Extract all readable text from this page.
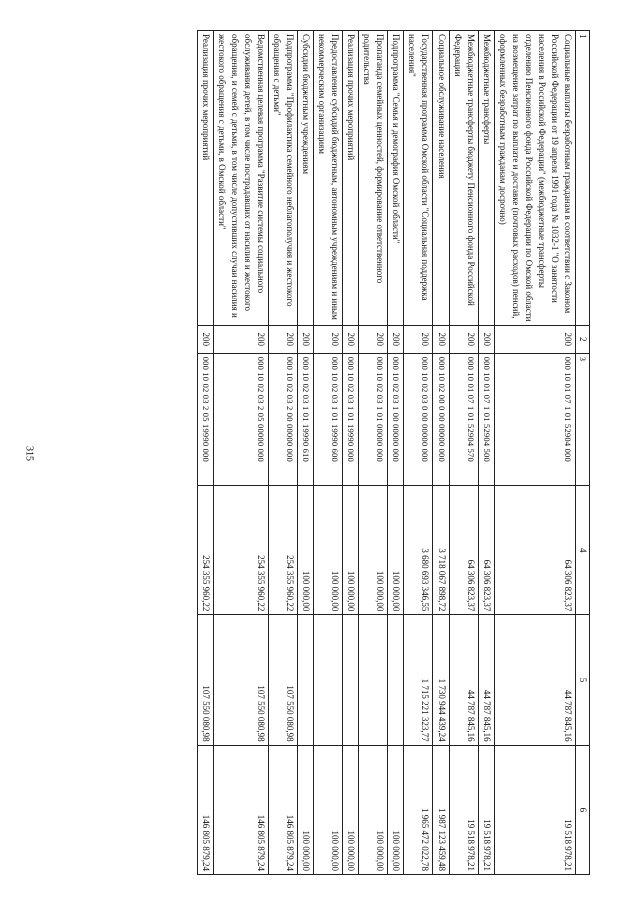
315
1	2	3	4	5	6
Социальные выплаты безработным гражданам в соответствии с Законом Российской Федерации от 19 апреля 1991 года № 1032-1 "О занятости населения в Российской Федерации" (межбюджетные трансферты отделению Пенсионного фонда Российской Федерации по Омской области на возмещение затрат по выплате и доставке (почтовых расходов) пенсий, оформленных безработным гражданам досрочно)	200	000 10 01 07 1 01 52904 000	64 306 823,37	44 787 845,16	19 518 978,21
Межбюджетные трансферты	200	000 10 01 07 1 01 52904 500	64 306 823,37	44 787 845,16	19 518 978,21
Межбюджетные трансферты бюджету Пенсионного фонда Российской Федерации	200	000 10 01 07 1 01 52904 570	64 306 823,37	44 787 845,16	19 518 978,21
Социальное обслуживание населения	200	000 10 02 00 0 00 00000 000	3 718 067 898,72	1 730 944 439,24	1 987 123 459,48
Государственная программа Омской области "Социальная поддержка населения"	200	000 10 02 03 0 00 00000 000	3 680 693 346,55	1 715 221 323,77	1 965 472 022,78
Подпрограмма "Семья и демография Омской области"	200	000 10 02 03 1 00 00000 000	100 000,00		100 000,00
Пропаганда семейных ценностей, формирование ответственного родительства	200	000 10 02 03 1 01 00000 000	100 000,00		100 000,00
Реализация прочих мероприятий	200	000 10 02 03 1 01 19990 000	100 000,00		100 000,00
Предоставление субсидий бюджетным, автономным учреждениям и иным некоммерческим организациям	200	000 10 02 03 1 01 19990 600	100 000,00		100 000,00
Субсидии бюджетным учреждениям	200	000 10 02 03 1 01 19990 610	100 000,00		100 000,00
Подпрограмма "Профилактика семейного неблагополучия и жестокого обращения с детьми"	200	000 10 02 03 2 00 00000 000	254 355 960,22	107 550 080,98	146 805 879,24
Ведомственная целевая программа "Развитие системы социального обслуживания детей, в том числе пострадавших от насилия и жестокого обращения, и семей с детьми, в том числе допустивших случаи насилия и жестокого обращения с детьми, в Омской области"	200	000 10 02 03 2 05 00000 000	254 355 960,22	107 550 080,98	146 805 879,24
Реализация прочих мероприятий	200	000 10 02 03 2 05 19990 000	254 355 960,22	107 550 080,98	146 805 879,24
